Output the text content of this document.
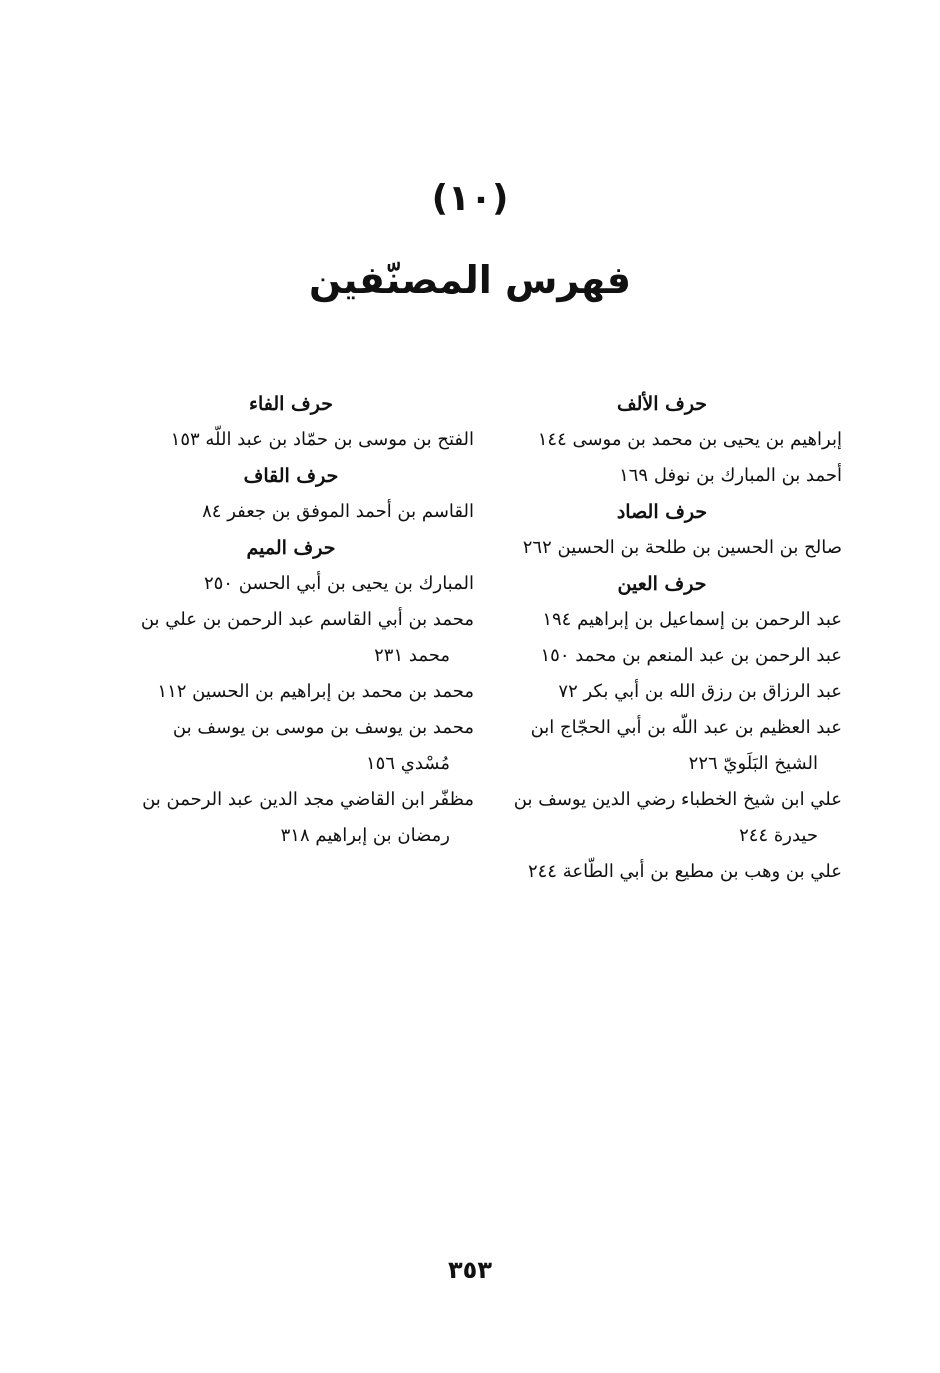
(١٠)
فهرس المصنّفين
حرف الألف
إبراهيم بن يحيى بن محمد بن موسى ١٤٤
أحمد بن المبارك بن نوفل ١٦٩
حرف الصاد
صالح بن الحسين بن طلحة بن الحسين ٢٦٢
حرف العين
عبد الرحمن بن إسماعيل بن إبراهيم ١٩٤
عبد الرحمن بن عبد المنعم بن محمد ١٥٠
عبد الرزاق بن رزق الله بن أبي بكر ٧٢
عبد العظيم بن عبد اللّه بن أبي الحجّاج ابن
الشيخ البَلَويّ ٢٢٦
علي ابن شيخ الخطباء رضي الدين يوسف بن
حيدرة ٢٤٤
علي بن وهب بن مطيع بن أبي الطّاعة ٢٤٤
حرف الفاء
الفتح بن موسى بن حمّاد بن عبد اللّه ١٥٣
حرف القاف
القاسم بن أحمد الموفق بن جعفر ٨٤
حرف الميم
المبارك بن يحيى بن أبي الحسن ٢٥٠
محمد بن أبي القاسم عبد الرحمن بن علي بن
محمد ٢٣١
محمد بن محمد بن إبراهيم بن الحسين ١١٢
محمد بن يوسف بن موسى بن يوسف بن
مُسْدي ١٥٦
مظفّر ابن القاضي مجد الدين عبد الرحمن بن
رمضان بن إبراهيم ٣١٨
٣٥٣
